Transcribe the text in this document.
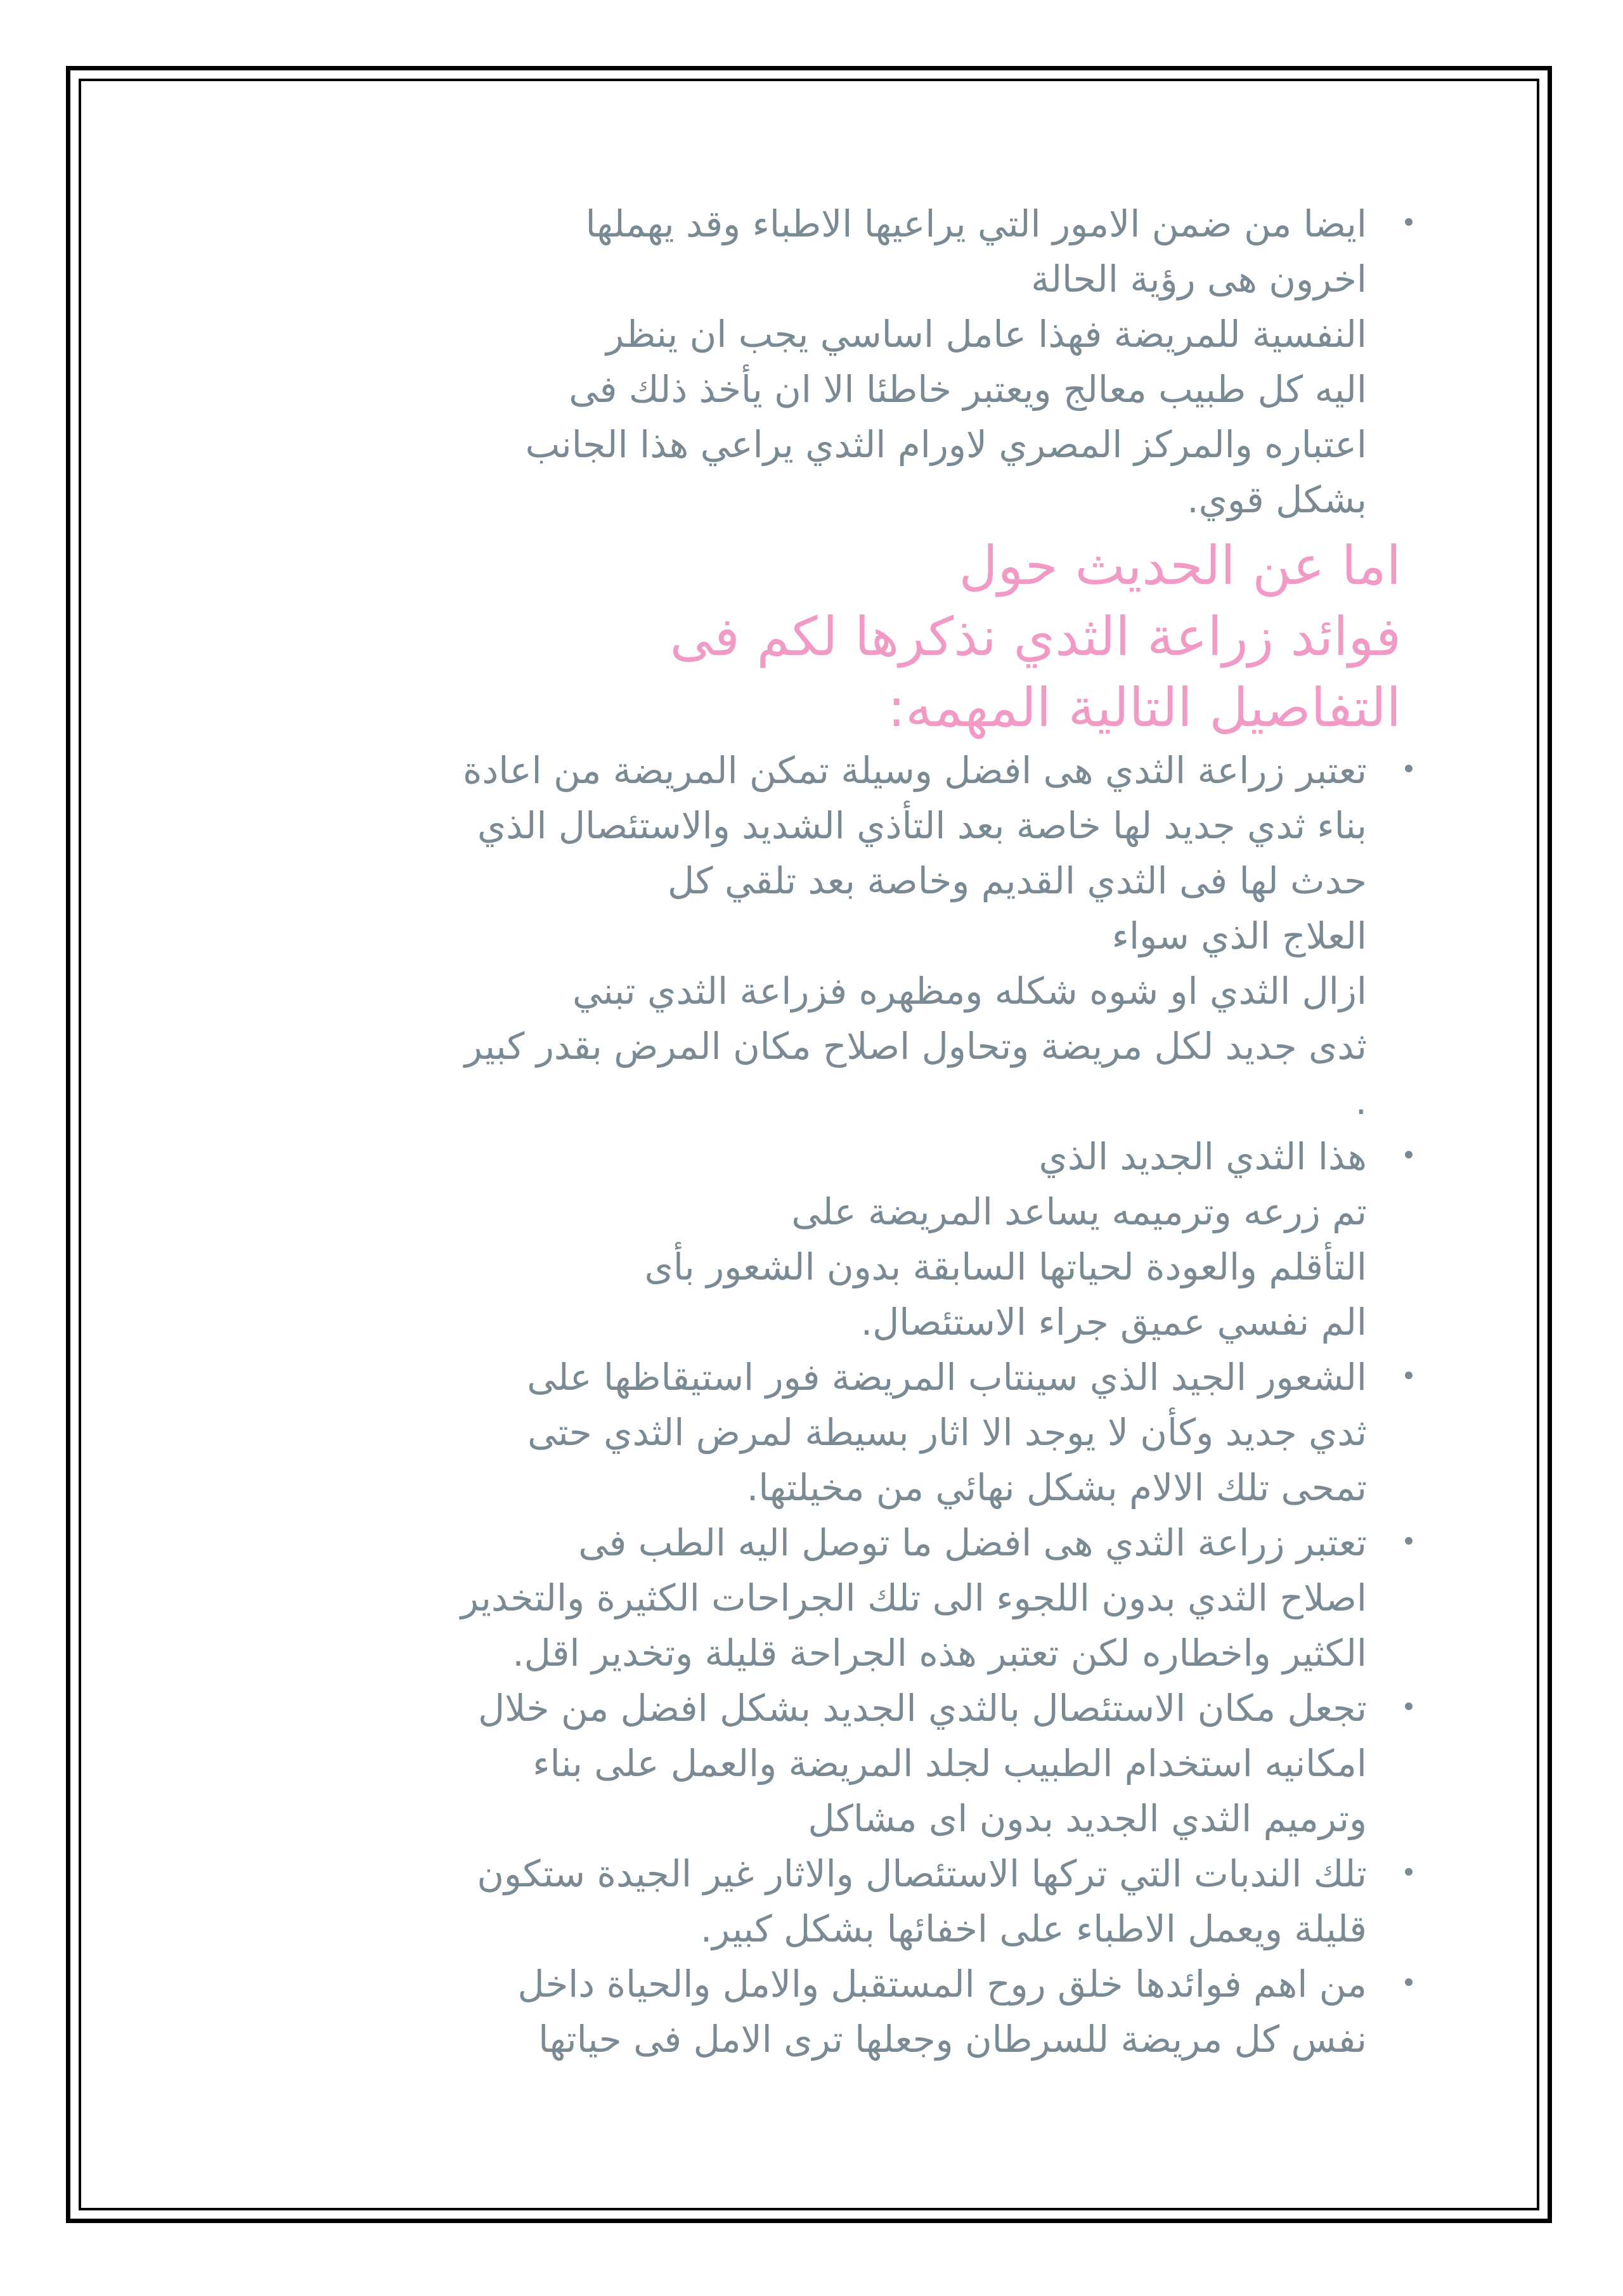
ايضا من ضمن الامور التي يراعيها الاطباء وقد يهملها
اخرون هى رؤية الحالة
النفسية للمريضة فهذا عامل اساسي يجب ان ينظر
اليه كل طبيب معالج ويعتبر خاطئا الا ان يأخذ ذلك فى
اعتباره والمركز المصري لاورام الثدي يراعي هذا الجانب
بشكل قوي.
اما عن الحديث حول
فوائد زراعة الثدي نذكرها لكم فى
التفاصيل التالية المهمه:
تعتبر زراعة الثدي هى افضل وسيلة تمكن المريضة من اعادة
بناء ثدي جديد لها خاصة بعد التأذي الشديد والاستئصال الذي
حدث لها فى الثدي القديم وخاصة بعد تلقي كل
العلاج الذي سواء
ازال الثدي او شوه شكله ومظهره فزراعة الثدي تبني
ثدى جديد لكل مريضة وتحاول اصلاح مكان المرض بقدر كبير
.
هذا الثدي الجديد الذي
تم زرعه وترميمه يساعد المريضة على
التأقلم والعودة لحياتها السابقة بدون الشعور بأى
الم نفسي عميق جراء الاستئصال.
الشعور الجيد الذي سينتاب المريضة فور استيقاظها على
ثدي جديد وكأن لا يوجد الا اثار بسيطة لمرض الثدي حتى
تمحى تلك الالام بشكل نهائي من مخيلتها.
تعتبر زراعة الثدي هى افضل ما توصل اليه الطب فى
اصلاح الثدي بدون اللجوء الى تلك الجراحات الكثيرة والتخدير
الكثير واخطاره لكن تعتبر هذه الجراحة قليلة وتخدير اقل.
تجعل مكان الاستئصال بالثدي الجديد بشكل افضل من خلال
امكانيه استخدام الطبيب لجلد المريضة والعمل على بناء
وترميم الثدي الجديد بدون اى مشاكل
تلك الندبات التي تركها الاستئصال والاثار غير الجيدة ستكون
قليلة ويعمل الاطباء على اخفائها بشكل كبير.
من اهم فوائدها خلق روح المستقبل والامل والحياة داخل
نفس كل مريضة للسرطان وجعلها ترى الامل فى حياتها
